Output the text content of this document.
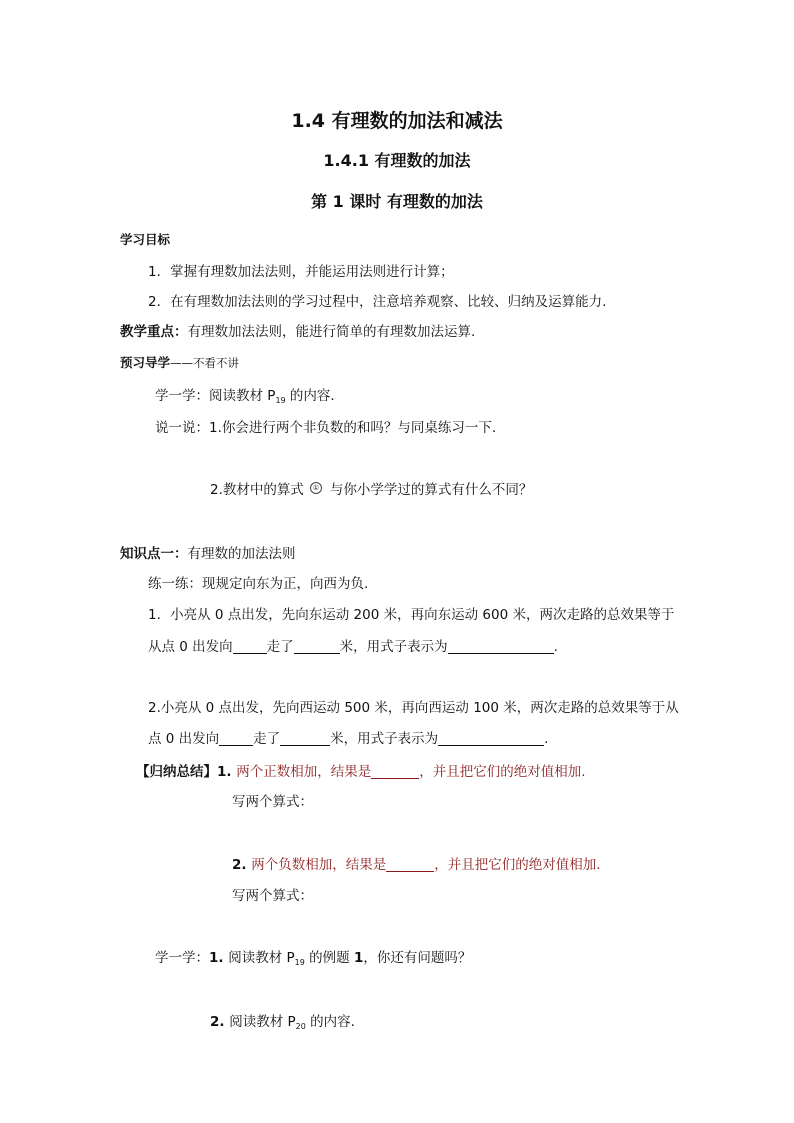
1.4 有理数的加法和减法
1.4.1 有理数的加法
第 1 课时 有理数的加法
学习目标
1．掌握有理数加法法则，并能运用法则进行计算；
2．在有理数加法法则的学习过程中，注意培养观察、比较、归纳及运算能力.
教学重点：有理数加法法则，能进行简单的有理数加法运算.
预习导学——不看不讲
学一学：阅读教材 $P_{19}$ 的内容.
说一说：1.你会进行两个非负数的和吗？与同桌练习一下.
2.教材中的算式 ① 与你小学学过的算式有什么不同？
知识点一：有理数的加法法则
练一练：现规定向东为正，向西为负.
1．小亮从 0 点出发，先向东运动 200 米，再向东运动 600 米，两次走路的总效果等于
从点 0 出发向	走了	米，用式子表示为	.
2.小亮从 0 点出发，先向西运动 500 米，再向西运动 100 米，两次走路的总效果等于从
点 0 出发向	走了	米，用式子表示为	.
【归纳总结】1. 两个正数相加，结果是	，并且把它们的绝对值相加.
写两个算式：
2. 两个负数相加，结果是	，并且把它们的绝对值相加.
写两个算式：
学一学：1. 阅读教材 $P_{19}$ 的例题 1，你还有问题吗？
2. 阅读教材 $P_{20}$ 的内容.
